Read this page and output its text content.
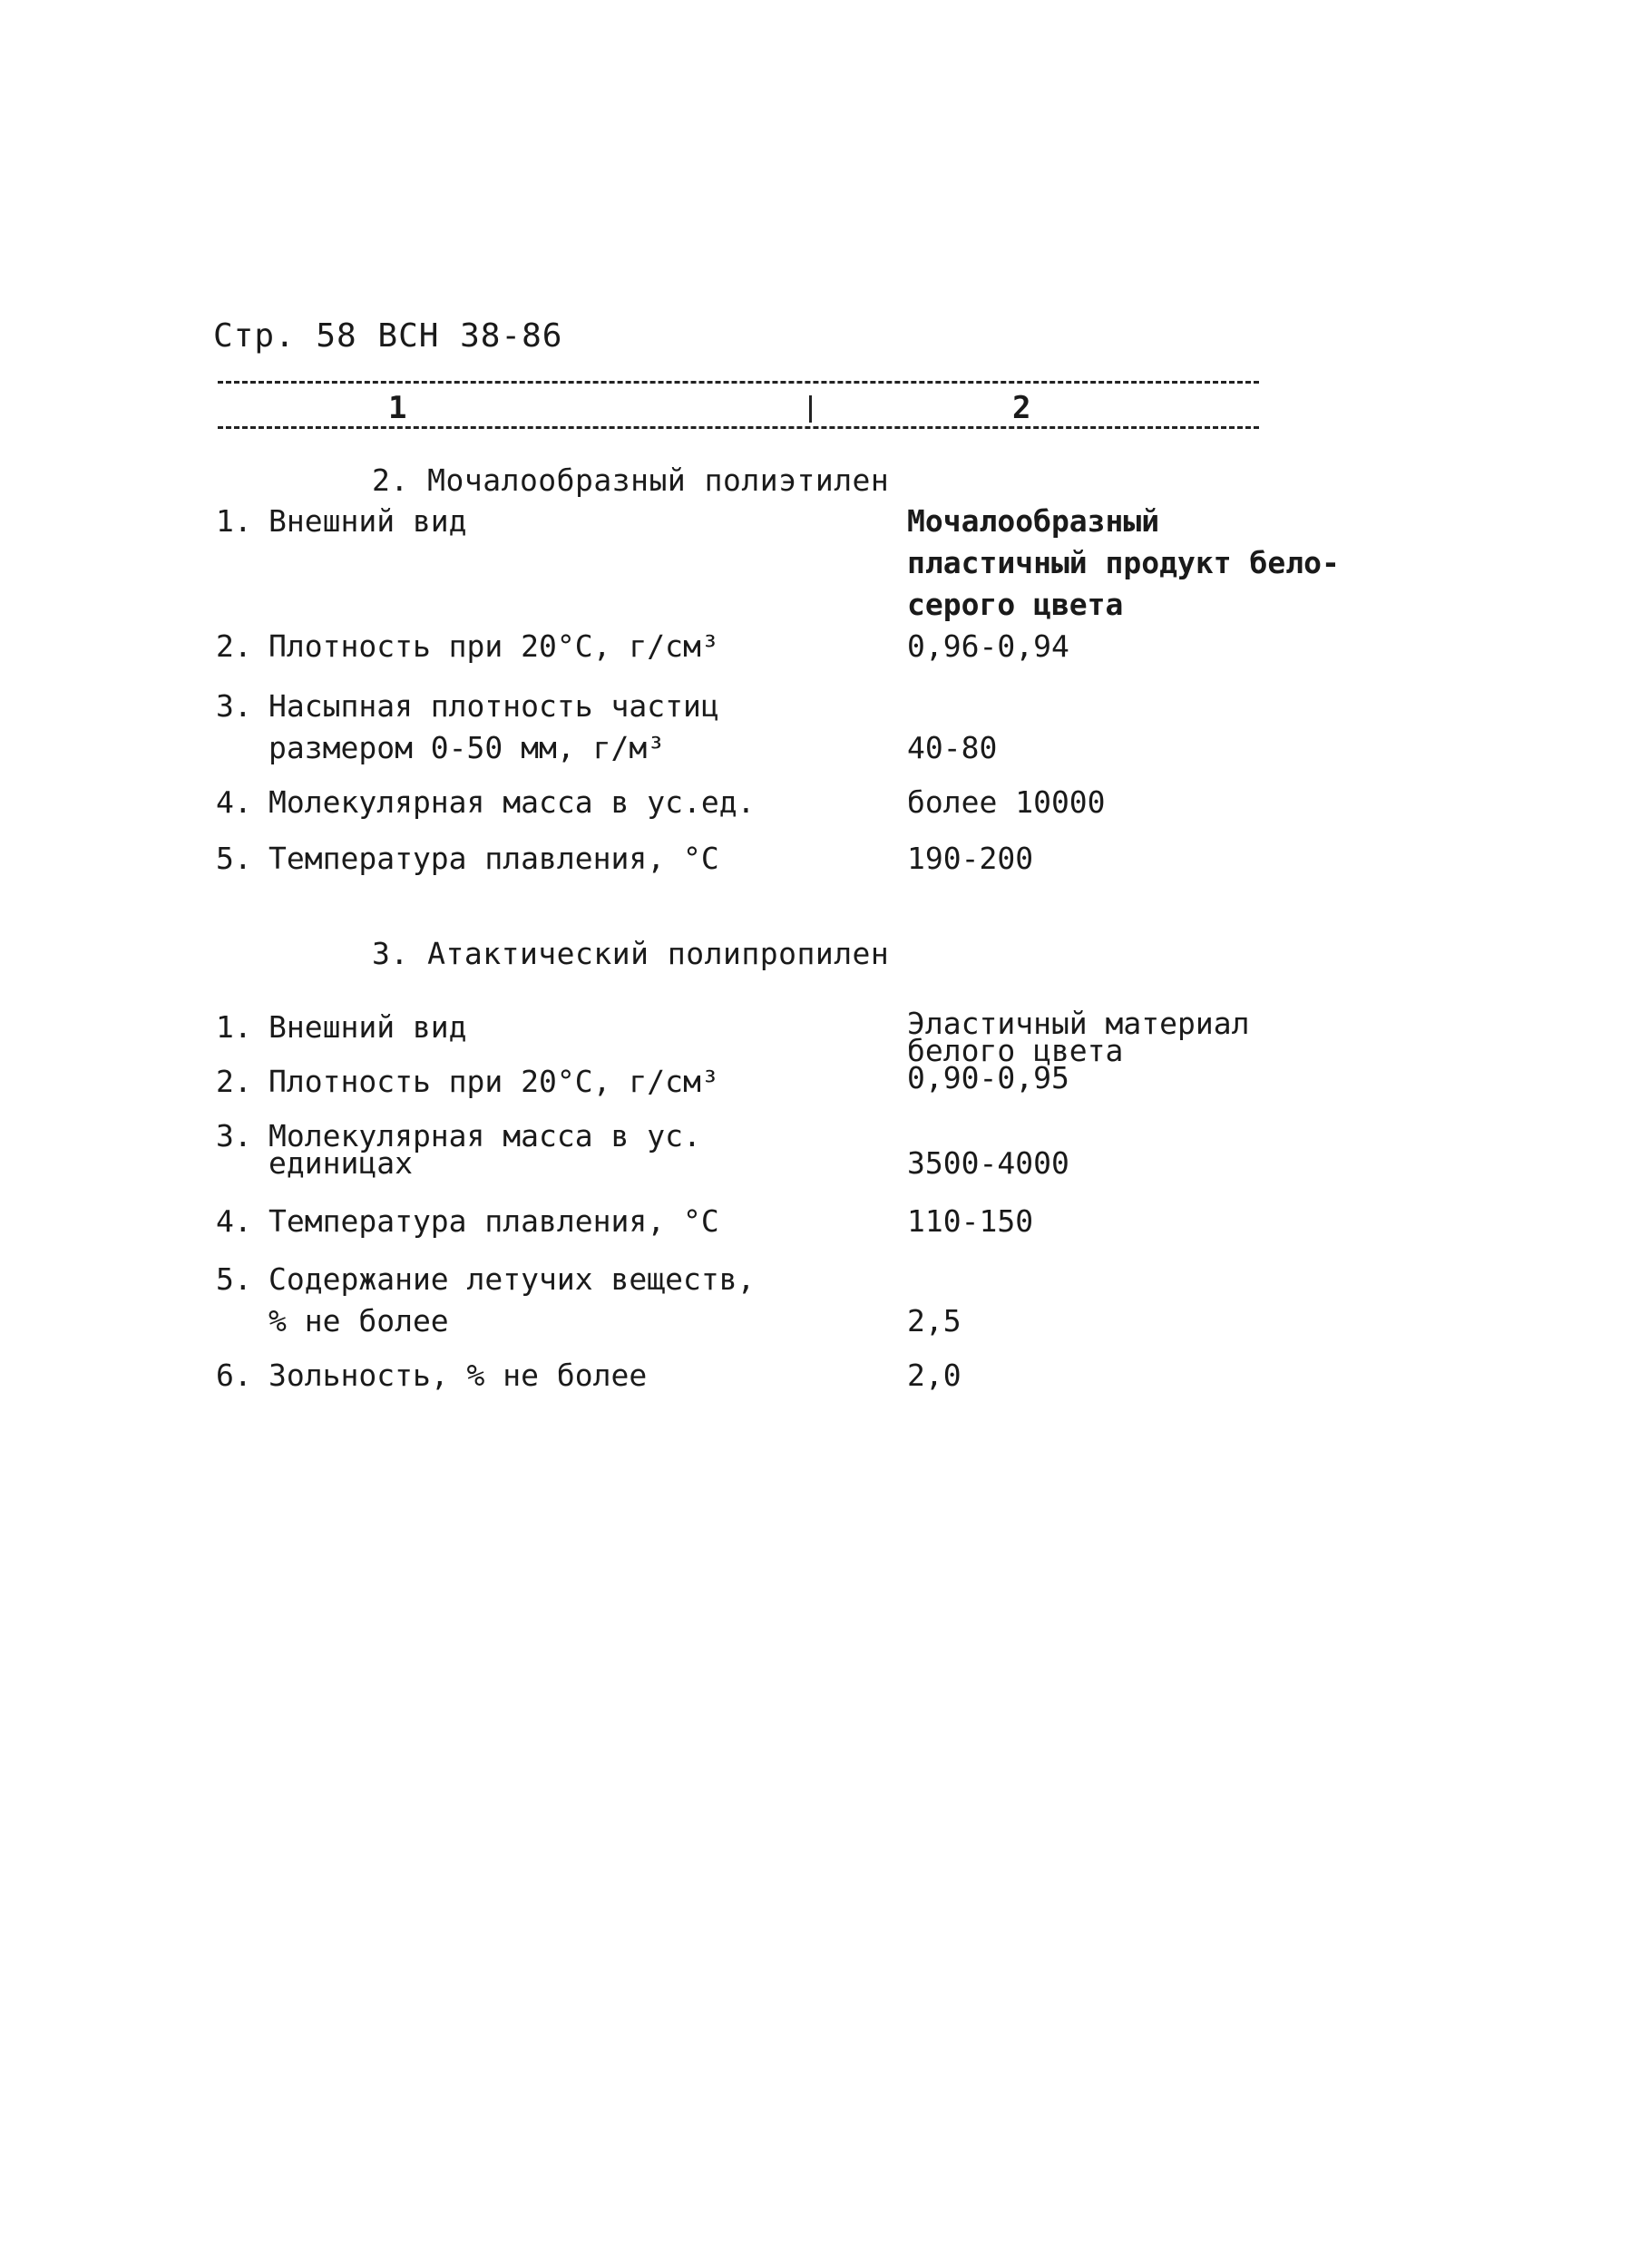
Стр. 58 ВСН 38-86
1	2
2. Мочалообразный полиэтилен
1. Внешний вид	Мочалообразный пластичный продукт бело-серого цвета
2. Плотность при 20°С, г/см³	0,96-0,94
3. Насыпная плотность частиц
размером 0-50 мм, г/м³	40-80
4. Молекулярная масса в ус.ед.	более 10000
5. Температура плавления, °С	190-200
3. Атактический полипропилен
1. Внешний вид	Эластичный материал белого цвета
2. Плотность при 20°С, г/см³	0,90-0,95
3. Молекулярная масса в ус.
единицах	3500-4000
4. Температура плавления, °С	110-150
5. Содержание летучих веществ,
% не более	2,5
6. Зольность, % не более	2,0
